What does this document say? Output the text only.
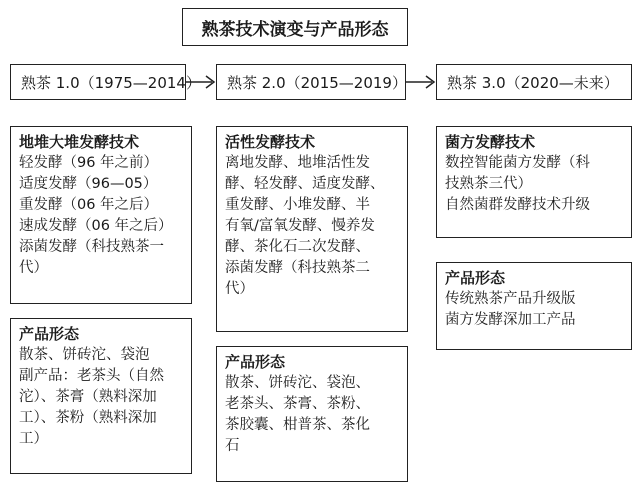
熟茶技术演变与产品形态
熟茶 1.0（1975—2014） 熟茶 2.0（2015—2019）	熟茶 3.0（2020—未来）
地堆大堆发酵技术
轻发酵（96 年之前）
适度发酵（96—05）
重发酵（06 年之后）
速成发酵（06 年之后）
添菌发酵（科技熟茶一
代）
活性发酵技术
离地发酵、地堆活性发
酵、轻发酵、适度发酵、
重发酵、小堆发酵、半
有氧/富氧发酵、慢养发
酵、茶化石二次发酵、
添菌发酵（科技熟茶二
代）
菌方发酵技术
数控智能菌方发酵（科
技熟茶三代）
自然菌群发酵技术升级
产品形态
散茶、饼砖沱、袋泡
副产品：老茶头（自然
沱）、茶膏（熟料深加
工）、茶粉（熟料深加
工）
产品形态
散茶、饼砖沱、袋泡、
老茶头、茶膏、茶粉、
茶胶囊、柑普茶、茶化
石
产品形态
传统熟茶产品升级版
菌方发酵深加工产品
